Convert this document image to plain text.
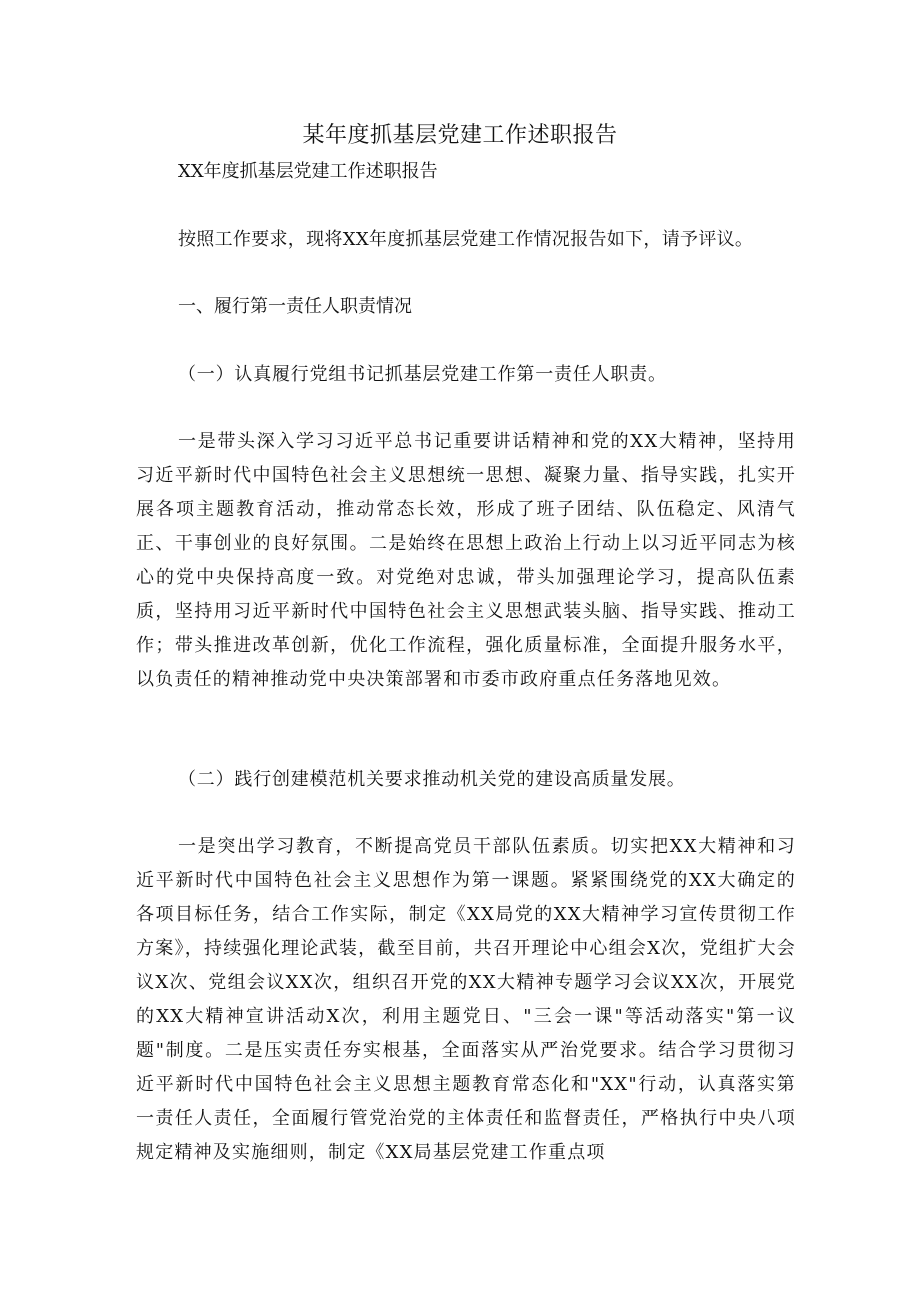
某年度抓基层党建工作述职报告

XX年度抓基层党建工作述职报告

按照工作要求，现将XX年度抓基层党建工作情况报告如下，请予评议。

一、履行第一责任人职责情况

（一）认真履行党组书记抓基层党建工作第一责任人职责。

一是带头深入学习习近平总书记重要讲话精神和党的XX大精神，坚持用习近平新时代中国特色社会主义思想统一思想、凝聚力量、指导实践，扎实开展各项主题教育活动，推动常态长效，形成了班子团结、队伍稳定、风清气正、干事创业的良好氛围。二是始终在思想上政治上行动上以习近平同志为核心的党中央保持高度一致。对党绝对忠诚，带头加强理论学习，提高队伍素质，坚持用习近平新时代中国特色社会主义思想武装头脑、指导实践、推动工作；带头推进改革创新，优化工作流程，强化质量标准，全面提升服务水平，以负责任的精神推动党中央决策部署和市委市政府重点任务落地见效。

（二）践行创建模范机关要求推动机关党的建设高质量发展。

一是突出学习教育，不断提高党员干部队伍素质。切实把XX大精神和习近平新时代中国特色社会主义思想作为第一课题。紧紧围绕党的XX大确定的各项目标任务，结合工作实际，制定《XX局党的XX大精神学习宣传贯彻工作方案》，持续强化理论武装，截至目前，共召开理论中心组会X次，党组扩大会议X次、党组会议XX次，组织召开党的XX大精神专题学习会议XX次，开展党的XX大精神宣讲活动X次，利用主题党日、"三会一课"等活动落实"第一议题"制度。二是压实责任夯实根基，全面落实从严治党要求。结合学习贯彻习近平新时代中国特色社会主义思想主题教育常态化和"XX"行动，认真落实第一责任人责任，全面履行管党治党的主体责任和监督责任，严格执行中央八项规定精神及实施细则，制定《XX局基层党建工作重点项
